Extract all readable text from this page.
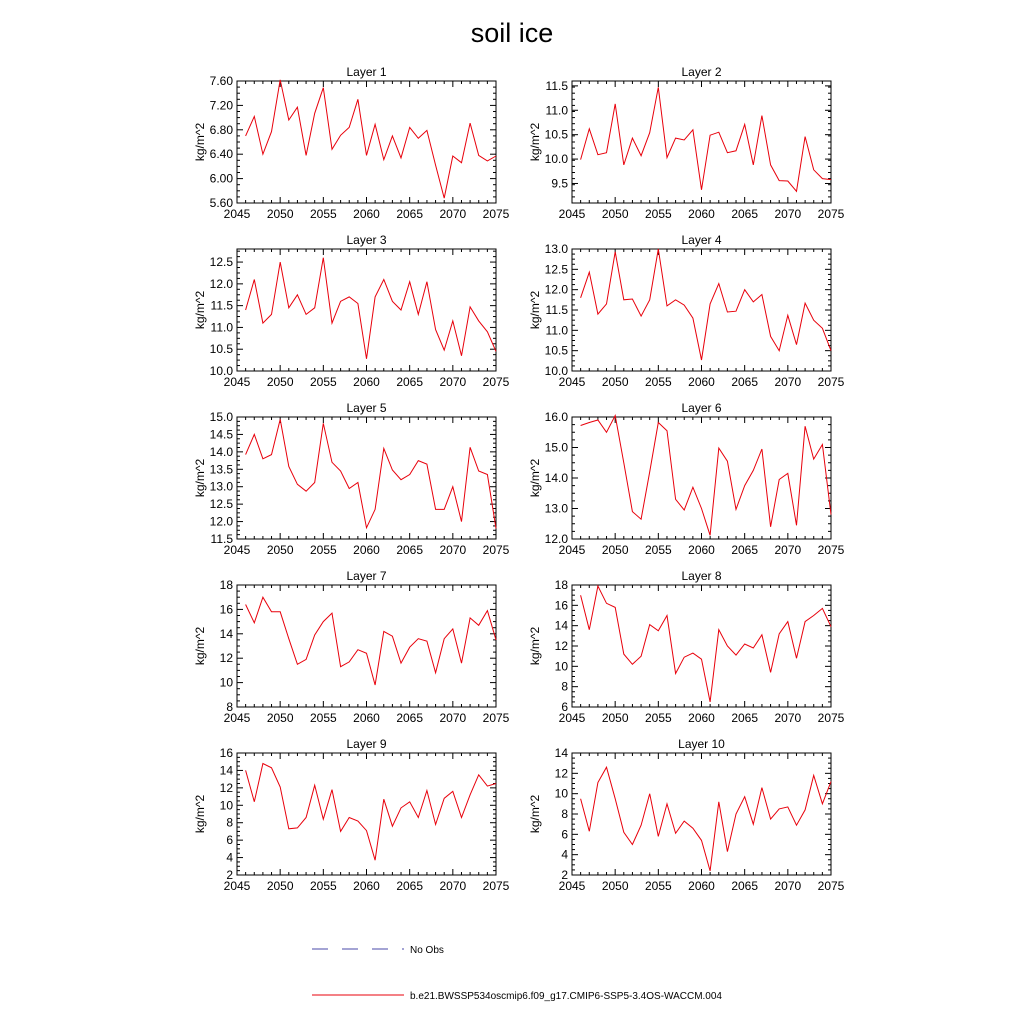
soil ice
Layer 1
2045 2050 2055 2060 2065 2070 2075
5.60
6.00
6.40
6.80
7.20
7.60
kg/m^2
Layer 2
2045 2050 2055 2060 2065 2070 2075
9.5
10.0
10.5
11.0
11.5
kg/m^2
Layer 3
2045 2050 2055 2060 2065 2070 2075
10.0
10.5
11.0
11.5
12.0
12.5
kg/m^2
Layer 4
2045 2050 2055 2060 2065 2070 2075
10.0
10.5
11.0
11.5
12.0
12.5
13.0
kg/m^2
Layer 5
2045 2050 2055 2060 2065 2070 2075
11.5
12.0
12.5
13.0
13.5
14.0
14.5
15.0
kg/m^2
Layer 6
2045 2050 2055 2060 2065 2070 2075
12.0
13.0
14.0
15.0
16.0
kg/m^2
Layer 7
2045 2050 2055 2060 2065 2070 2075
8
10
12
14
16
18
kg/m^2
Layer 8
2045 2050 2055 2060 2065 2070 2075
6
8
10
12
14
16
18
kg/m^2
Layer 9
2045 2050 2055 2060 2065 2070 2075
2
4
6
8
10
12
14
16
kg/m^2
Layer 10
2045 2050 2055 2060 2065 2070 2075
2
4
6
8
10
12
14
kg/m^2
No Obs
b.e21.BWSSP534oscmip6.f09_g17.CMIP6-SSP5-3.4OS-WACCM.004
